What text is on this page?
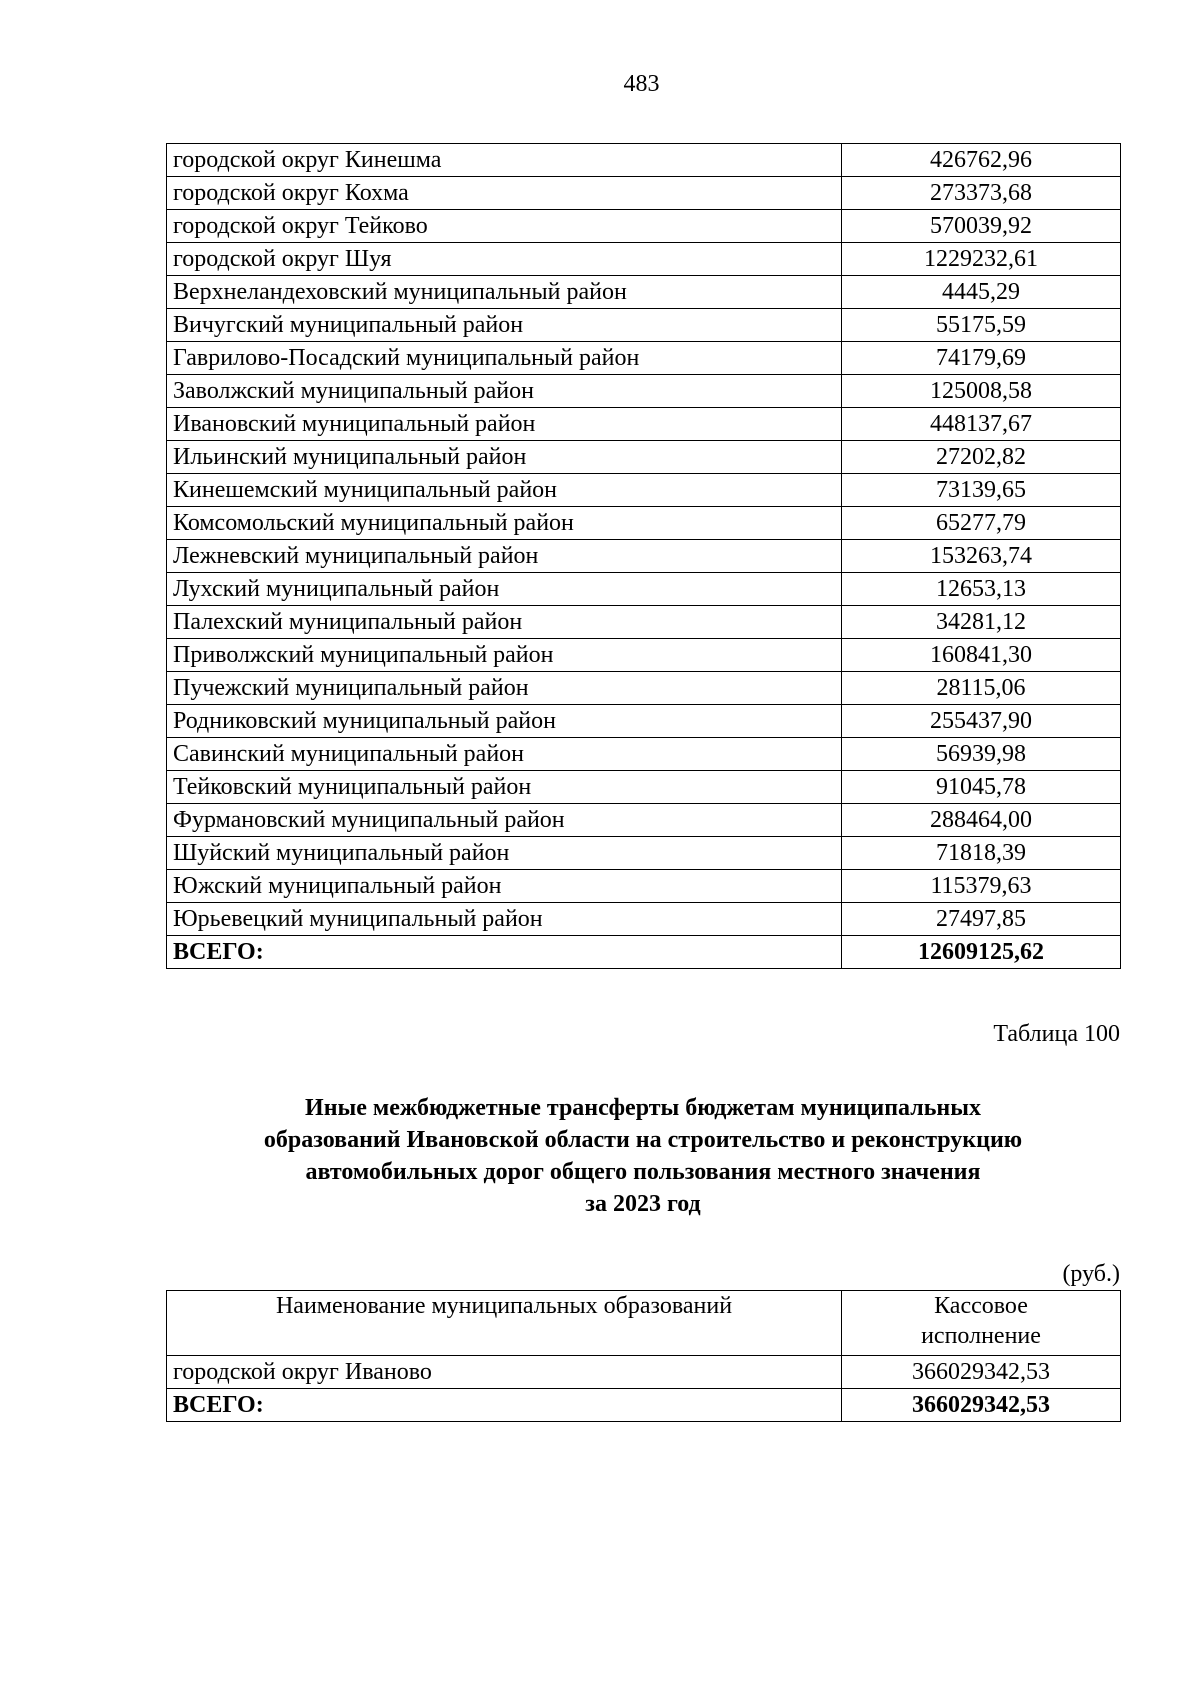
483
городской округ Кинешма	426762,96
городской округ Кохма	273373,68
городской округ Тейково	570039,92
городской округ Шуя	1229232,61
Верхнеландеховский муниципальный район	4445,29
Вичугский муниципальный район	55175,59
Гаврилово-Посадский муниципальный район	74179,69
Заволжский муниципальный район	125008,58
Ивановский муниципальный район	448137,67
Ильинский муниципальный район	27202,82
Кинешемский муниципальный район	73139,65
Комсомольский муниципальный район	65277,79
Лежневский муниципальный район	153263,74
Лухский муниципальный район	12653,13
Палехский муниципальный район	34281,12
Приволжский муниципальный район	160841,30
Пучежский муниципальный район	28115,06
Родниковский муниципальный район	255437,90
Савинский муниципальный район	56939,98
Тейковский муниципальный район	91045,78
Фурмановский муниципальный район	288464,00
Шуйский муниципальный район	71818,39
Южский муниципальный район	115379,63
Юрьевецкий муниципальный район	27497,85
ВСЕГО:	12609125,62
Таблица 100
Иные межбюджетные трансферты бюджетам муниципальных
образований Ивановской области на строительство и реконструкцию
автомобильных дорог общего пользования местного значения
за 2023 год
(руб.)
Наименование муниципальных образований	Кассовое
исполнение

городской округ Иваново	366029342,53
ВСЕГО:	366029342,53
